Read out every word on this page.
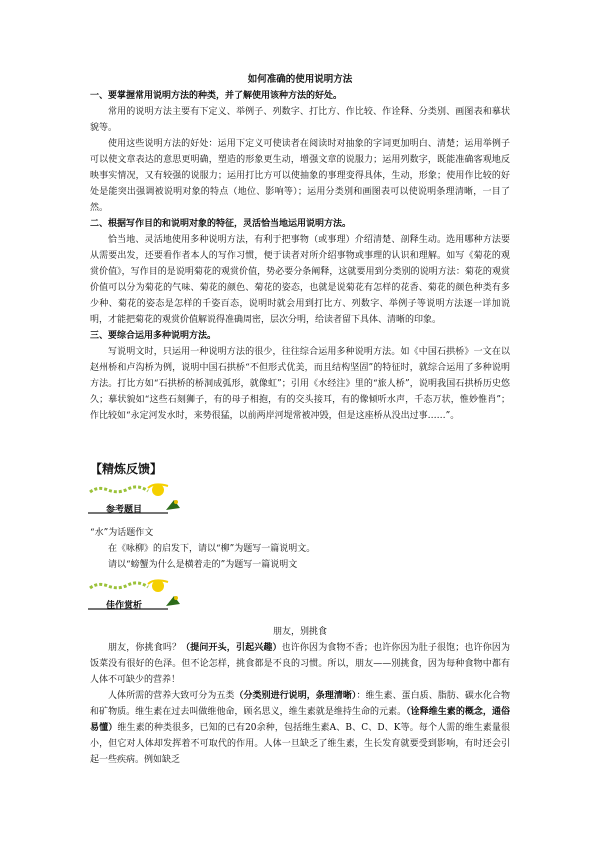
如何准确的使用说明方法

一、要掌握常用说明方法的种类，并了解使用该种方法的好处。

常用的说明方法主要有下定义、举例子、列数字、打比方、作比较、作诠释、分类别、画图表和摹状貌等。

使用这些说明方法的好处：运用下定义可使读者在阅读时对抽象的字词更加明白、清楚；运用举例子可以使文章表达的意思更明确，塑造的形象更生动，增强文章的说服力；运用列数字，既能准确客观地反映事实情况，又有较强的说服力；运用打比方可以使抽象的事理变得具体，生动，形象；使用作比较的好处是能突出强调被说明对象的特点（地位、影响等）；运用分类别和画图表可以使说明条理清晰，一目了然。

二、根据写作目的和说明对象的特征，灵活恰当地运用说明方法。

恰当地、灵活地使用多种说明方法，有利于把事物（或事理）介绍清楚、剖释生动。选用哪种方法要从需要出发，还要看作者本人的写作习惯，便于读者对所介绍事物或事理的认识和理解。如写《菊花的观赏价值》，写作目的是说明菊花的观赏价值，势必要分条阐释，这就要用到分类别的说明方法：菊花的观赏价值可以分为菊花的气味、菊花的颜色、菊花的姿态，也就是说菊花有怎样的花香、菊花的颜色种类有多少种、菊花的姿态是怎样的千姿百态，说明时就会用到打比方、列数字、举例子等说明方法逐一详加说明，才能把菊花的观赏价值解说得准确周密，层次分明，给读者留下具体、清晰的印象。

三、要综合运用多种说明方法。

写说明文时，只运用一种说明方法的很少，往往综合运用多种说明方法。如《中国石拱桥》一文在以赵州桥和卢沟桥为例，说明中国石拱桥“不但形式优美，而且结构坚固”的特征时，就综合运用了多种说明方法。打比方如“石拱桥的桥洞成弧形，就像虹”；引用《水经注》里的“旅人桥”，说明我国石拱桥历史悠久；摹状貌如“这些石刻狮子，有的母子相抱，有的交头接耳，有的像倾听水声，千态万状，惟妙惟肖”；作比较如“永定河发水时，来势很猛，以前两岸河堤常被冲毁，但是这座桥从没出过事……”。

【精炼反馈】
参考题目

“水”为话题作文

在《咏柳》的启发下，请以“柳”为题写一篇说明文。

请以“螃蟹为什么是横着走的”为题写一篇说明文

佳作赏析

朋友，别挑食

朋友，你挑食吗？（提问开头，引起兴趣）也许你因为食物不香；也许你因为肚子很饱；也许你因为饭菜没有很好的色泽。但不论怎样，挑食都是不良的习惯。所以，朋友——別挑食，因为每种食物中都有人体不可缺少的营养！

人体所需的营养大致可分为五类（分类别进行说明，条理清晰）：维生素、蛋白质、脂肪、碳水化合物和矿物质。维生素在过去叫做维他命，顾名思义，维生素就是维持生命的元素。（诠释维生素的概念，通俗易懂）维生素的种类很多，已知的已有20余种，包括维生素A、B、C、D、K等。每个人需的维生素量很小，但它对人体却发挥着不可取代的作用。人体一旦缺乏了维生素，生长发育就要受到影响，有时还会引起一些疾病。例如缺乏
